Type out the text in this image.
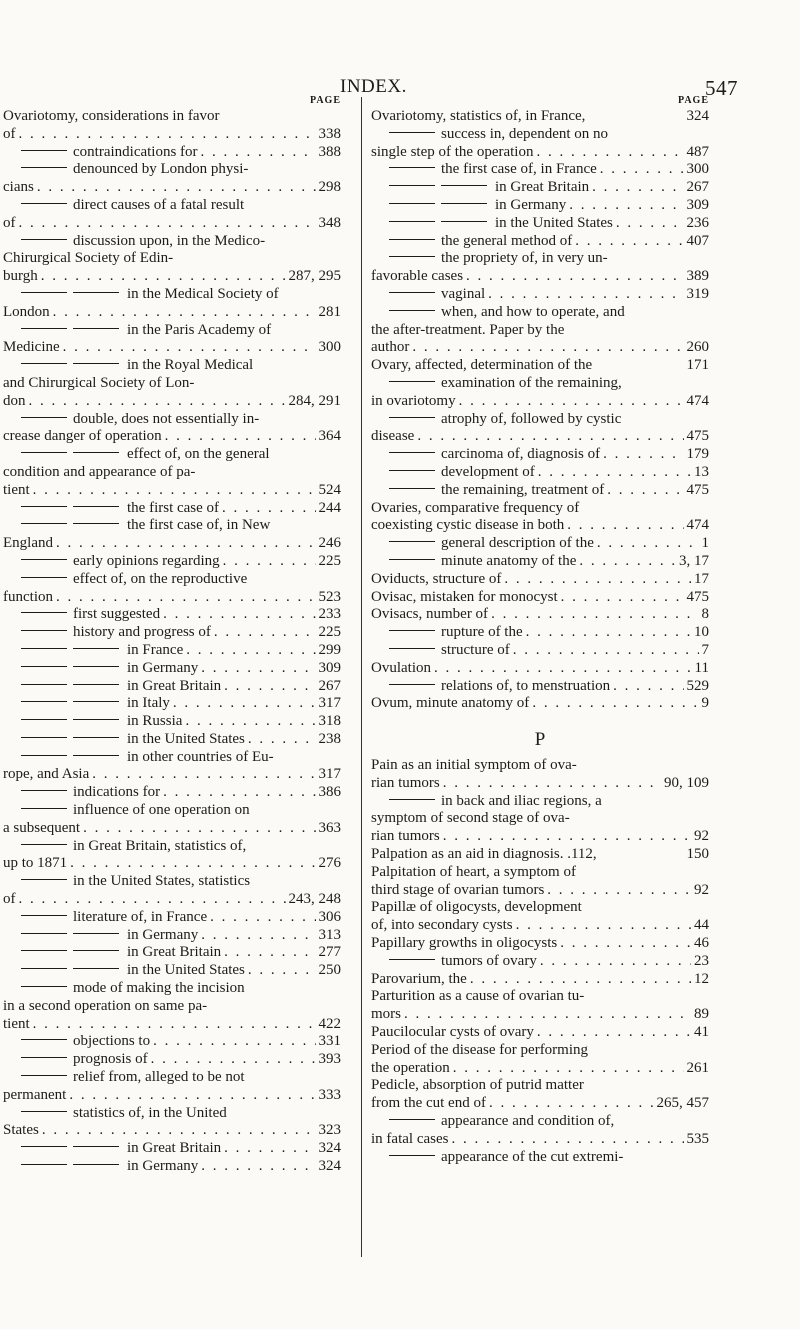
INDEX.	547
PAGE
Ovariotomy, considerations in favor
of . . .	338
contraindications for . . .	388
denounced by London physi-
cians . . .	298
direct causes of a fatal result
of . . .	348
discussion upon, in the Medico-
Chirurgical Society of Edin-
burgh . . .	287, 295
in the Medical Society of
London . . .	281
in the Paris Academy of
Medicine . . .	300
in the Royal Medical
and Chirurgical Society of Lon-
don . . .	284, 291
double, does not essentially in-
crease danger of operation . . .	364
effect of, on the general
condition and appearance of pa-
tient . . .	524
the first case of . . .	244
the first case of, in New
England . . .	246
early opinions regarding . . .	225
effect of, on the reproductive
function . . .	523
first suggested . . .	233
history and progress of . . .	225
in France . . .	299
in Germany . . .	309
in Great Britain . . .	267
in Italy . . .	317
in Russia . . .	318
in the United States . . .	238
in other countries of Eu-
rope, and Asia . . .	317
indications for . . .	386
influence of one operation on
a subsequent . . .	363
in Great Britain, statistics of,
up to 1871 . . .	276
in the United States, statistics
of . . .	243, 248
literature of, in France . . .	306
in Germany . . .	313
in Great Britain . . .	277
in the United States . . .	250
mode of making the incision
in a second operation on same pa-
tient . . .	422
objections to . . .	331
prognosis of . . .	393
relief from, alleged to be not
permanent . . .	333
statistics of, in the United
States . . .	323
in Great Britain . . .	324
in Germany . . .	324
PAGE
Ovariotomy, statistics of, in France,	324
success in, dependent on no
single step of the operation . . .	487
the first case of, in France . . .	300
in Great Britain . . .	267
in Germany . . .	309
in the United States . . .	236
the general method of . . .	407
the propriety of, in very un-
favorable cases . . .	389
vaginal . . .	319
when, and how to operate, and
the after-treatment. Paper by the
author . . .	260
Ovary, affected, determination of the	171
examination of the remaining,
in ovariotomy . . .	474
atrophy of, followed by cystic
disease . . .	475
carcinoma of, diagnosis of . . .	179
development of . . .	13
the remaining, treatment of . . .	475
Ovaries, comparative frequency of
coexisting cystic disease in both . . .	474
general description of the . . .	1
minute anatomy of the . . .	3, 17
Oviducts, structure of . . .	17
Ovisac, mistaken for monocyst . . .	475
Ovisacs, number of . . .	8
rupture of the . . .	10
structure of . . .	7
Ovulation . . .	11
relations of, to menstruation . . .	529
Ovum, minute anatomy of . . .	9
P
Pain as an initial symptom of ova-
rian tumors . . .	90, 109
in back and iliac regions, a
symptom of second stage of ova-
rian tumors . . .	92
Palpation as an aid in diagnosis. .112,	150
Palpitation of heart, a symptom of
third stage of ovarian tumors . . .	92
Papillæ of oligocysts, development
of, into secondary cysts . . .	44
Papillary growths in oligocysts . . .	46
tumors of ovary . . .	23
Parovarium, the . . .	12
Parturition as a cause of ovarian tu-
mors . . .	89
Paucilocular cysts of ovary . . .	41
Period of the disease for performing
the operation . . .	261
Pedicle, absorption of putrid matter
from the cut end of . . .	265, 457
appearance and condition of,
in fatal cases . . .	535
appearance of the cut extremi-
